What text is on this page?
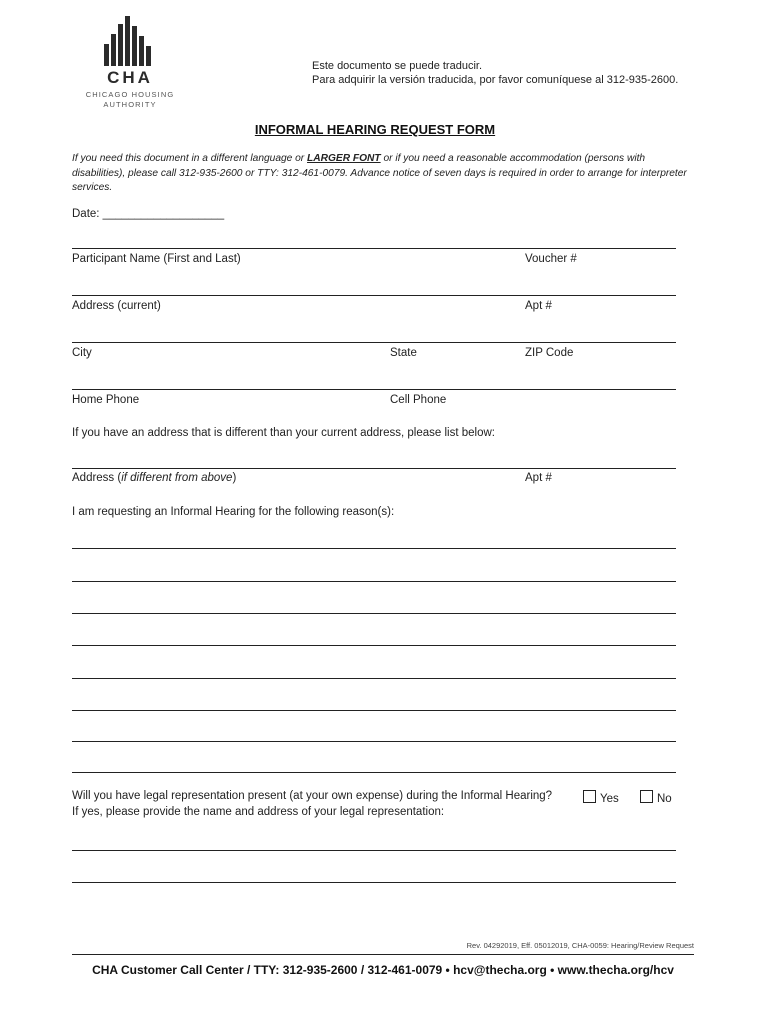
CHA
CHICAGO HOUSING
AUTHORITY
Este documento se puede traducir.
Para adquirir la versión traducida, por favor comuníquese al 312-935-2600.
INFORMAL HEARING REQUEST FORM
If you need this document in a different language or LARGER FONT or if you need a reasonable accommodation (persons with disabilities), please call 312-935-2600 or TTY: 312-461-0079. Advance notice of seven days is required in order to arrange for interpreter services.
Date: ___________________
Participant Name (First and Last)	Voucher #
Address (current)	Apt #
City	State	ZIP Code
Home Phone	Cell Phone
If you have an address that is different than your current address, please list below:
Address (if different from above)	Apt #
I am requesting an Informal Hearing for the following reason(s):
Will you have legal representation present (at your own expense) during the Informal Hearing?	Yes	No
If yes, please provide the name and address of your legal representation:
Rev. 04292019, Eff. 05012019, CHA-0059: Hearing/Review Request
CHA Customer Call Center / TTY: 312-935-2600 / 312-461-0079 • hcv@thecha.org • www.thecha.org/hcv
